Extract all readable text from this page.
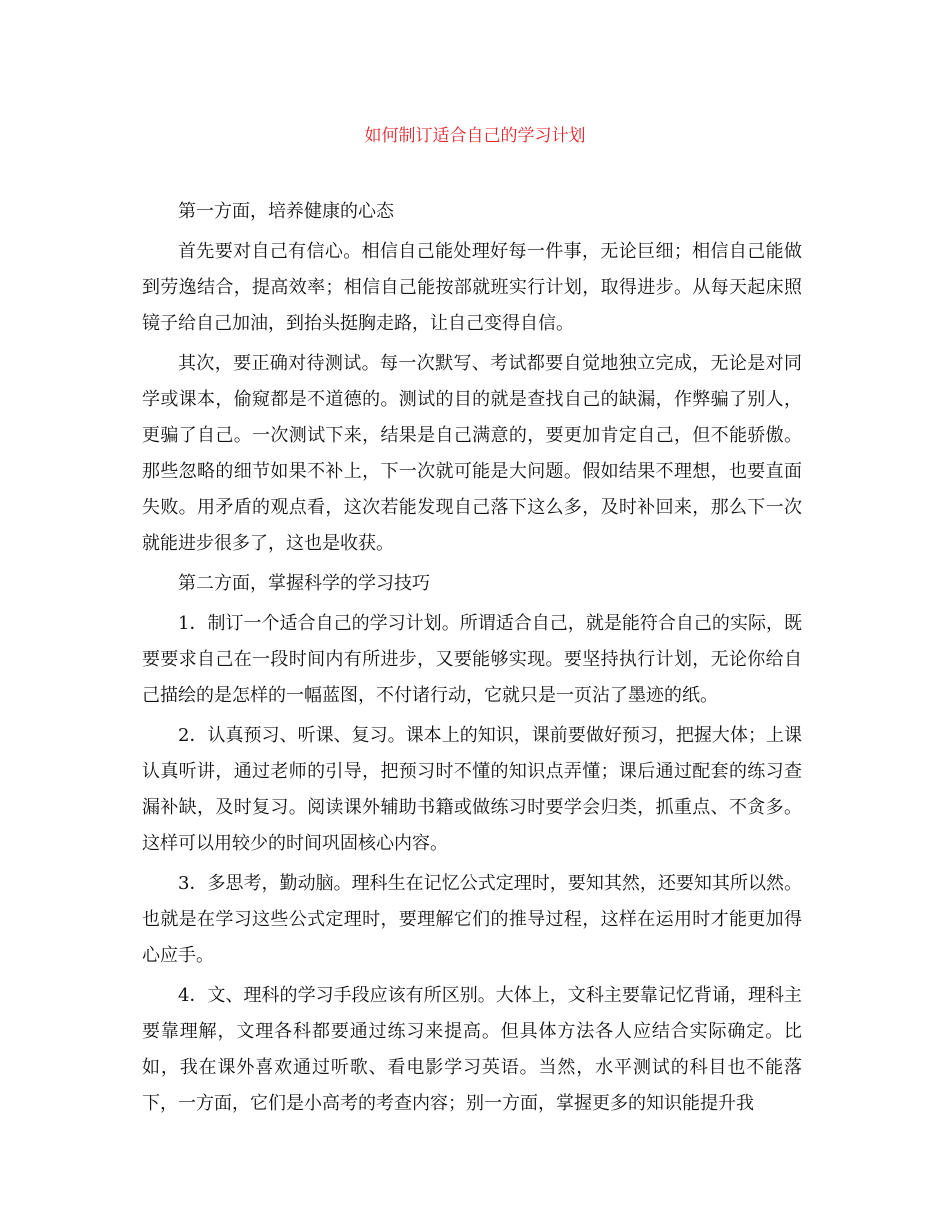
如何制订适合自己的学习计划

第一方面，培养健康的心态

首先要对自己有信心。相信自己能处理好每一件事，无论巨细；相信自己能做到劳逸结合，提高效率；相信自己能按部就班实行计划，取得进步。从每天起床照镜子给自己加油，到抬头挺胸走路，让自己变得自信。

其次，要正确对待测试。每一次默写、考试都要自觉地独立完成，无论是对同学或课本，偷窥都是不道德的。测试的目的就是查找自己的缺漏，作弊骗了别人，更骗了自己。一次测试下来，结果是自己满意的，要更加肯定自己，但不能骄傲。那些忽略的细节如果不补上，下一次就可能是大问题。假如结果不理想，也要直面失败。用矛盾的观点看，这次若能发现自己落下这么多，及时补回来，那么下一次就能进步很多了，这也是收获。

第二方面，掌握科学的学习技巧

1．制订一个适合自己的学习计划。所谓适合自己，就是能符合自己的实际，既要要求自己在一段时间内有所进步，又要能够实现。要坚持执行计划，无论你给自己描绘的是怎样的一幅蓝图，不付诸行动，它就只是一页沾了墨迹的纸。

2．认真预习、听课、复习。课本上的知识，课前要做好预习，把握大体；上课认真听讲，通过老师的引导，把预习时不懂的知识点弄懂；课后通过配套的练习查漏补缺，及时复习。阅读课外辅助书籍或做练习时要学会归类，抓重点、不贪多。这样可以用较少的时间巩固核心内容。

3．多思考，勤动脑。理科生在记忆公式定理时，要知其然，还要知其所以然。也就是在学习这些公式定理时，要理解它们的推导过程，这样在运用时才能更加得心应手。

4．文、理科的学习手段应该有所区别。大体上，文科主要靠记忆背诵，理科主要靠理解，文理各科都要通过练习来提高。但具体方法各人应结合实际确定。比如，我在课外喜欢通过听歌、看电影学习英语。当然，水平测试的科目也不能落下，一方面，它们是小高考的考查内容；别一方面，掌握更多的知识能提升我
